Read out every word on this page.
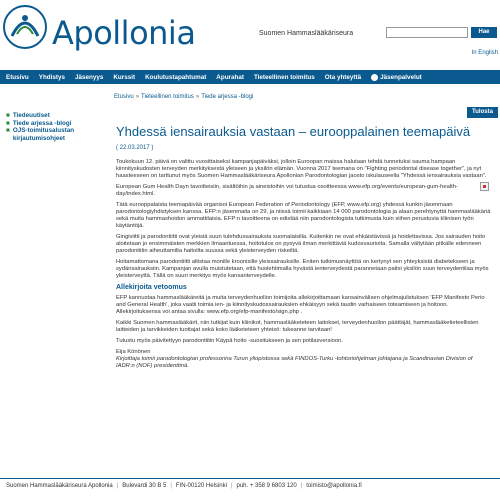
Apollonia	Suomen Hammaslääkäriseura	Hae
In English
Etusivu	Yhdistys	Jäsenyys	Kurssit	Koulutustapahtumat	Apurahat	Tieteellinen toimitus	Ota yhteyttä	Jäsenpalvelut
Etusivu » Tieteellinen toimitus » Tiede arjessa -blogi
■ Tiedeuutiset
■ Tiede arjessa -blogi
■ OJS-toimitusalustan kirjautumisohjeet
Tulosta
Yhdessä iensairauksia vastaan – eurooppalainen teemapäivä
( 22.03.2017 )

Toukokuun 12. päivä on valittu vuosittaiseksi kampanjapäiväksi, jolloin Euroopan maissa halutaan tehdä tunnetuksi sauma hampaan kiinnityskudosten terveyden merkityksestä yleiseen ja yksilön elämän. Vuonna 2017 teemana on "Fighting periodontal disease together", ja nyt haasteeseen on tarttunut myös Suomen Hammaslääkäriseura Apollonian Parodontologian jaosto iskulauseella "Yhdessä iensairauksia vastaan".

European Gum Health Dayn tavoitteisiin, sisältöihin ja aineistoihin voi tutustua osoitteessa www.efp.org/events/european-gum-health-day/index.html.

Tätä eurooppalaista teemapäivää organisoi European Federation of Periodontology (EFP, www.efp.org) yhdessä kunkin jäsenmaan parodontologiyhdistyksen kanssa. EFP:n jäsenmaita on 29, ja niissä toimii kaikkiaan 14 000 parodontologia ja alaan perehtynyttä hammaslääkäriä sekä muita hammashoidon ammattilaisia. EFP:n tavoitteena on edistää niin parodontologista tutkimusta kuin siihen perustuvia kliinisen työn käytäntöjä.

Gingiviitti ja parodontiitti ovat yleisiä suun tulehdussairauksia suomalaisilla. Kuitenkin ne ovat ehkäistävissä ja hoidettavissa. Jos sairauden hoito aloitetaan jo ensimmäisten merkkien ilmaantuessa, hoitotulos on pysyvä ilman merkittäviä kudosvaurioita. Samalla vältytään pitkälle edenneen parodontiitin aiheuttamilta haitoilta suussa sekä yleisterveyden riskeiltä.

Hoitamattomana parodontiitti altistaa monille kroonisille yleissairauksille. Eniten tutkimusnäyttöä on kertynyt sen yhteyksistä diabetekseen ja sydänsairauksiin. Kampanjan avulla muistutetaan, että huolehtimalla hyvästä ienterveydestä parannetaan paitsi yksilön suun terveydentilaa myös yleisterveyttä. Tällä on suuri merkitys myös kansanterveydelle.

Allekirjoita vetoomus

EFP kannustaa hammaslääkäreitä ja muita terveydenhuollon toimijoita allekirjoittamaan kansainvälisen ohjelmajulistuksen 'EFP Manifesto Perio and General Health', joka vaatii toimia ien- ja kiinnityskudossairauksien ehkäisyyn sekä taudin varhaiseen toteamiseen ja hoitoon. Allekirjoituksensa voi antaa sivulla: www.efp.org/efp-manifesto/sign.php .

Kaikki Suomen hammaslääkärit, niin tutkijat kuin kliinikot, hammaslääketeteen laitokset, terveydenhuollon päättäjät, hammaslääketieteellisten laitteiden ja tarvikkeiden tuottajat sekä koko lääketeteen yhteisö: tukeanne tarvitaan!

Tutustu myös päivitettyyn parodontiitin Käypä hoito -suositukseen ja sen potilasversioon.

Eija Könönen
Kirjoittaja toimii parodontologian professorina Turun yliopistossa sekä FINDOS-Turku -tohtoriohjelman johtajana ja Scandinavian Division of IADR:n (NOF) presidenttinä.
Suomen Hammaslääkäriseura Apollonia | Bulevardi 30 B 5 | FIN-00120 Helsinki | puh. + 358 9 6803 120 | toimisto@apollonia.fi
